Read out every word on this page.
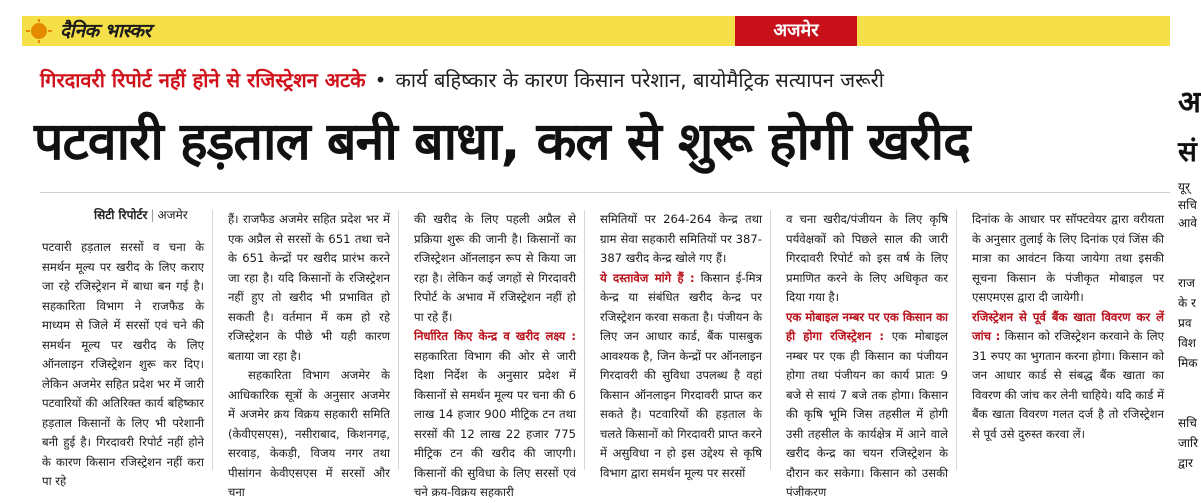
दैनिक भास्कर	अजमेर
गिरदावरी रिपोर्ट नहीं होने से रजिस्ट्रेशन अटके • कार्य बहिष्कार के कारण किसान परेशान, बायोमैट्रिक सत्यापन जरूरी
पटवारी हड़ताल बनी बाधा, कल से शुरू होगी खरीद
सिटी रिपोर्टर | अजमेर

पटवारी हड़ताल सरसों व चना के समर्थन मूल्य पर खरीद के लिए कराए जा रहे रजिस्ट्रेशन में बाधा बन गई है। सहकारिता विभाग ने राजफैड के माध्यम से जिले में सरसों एवं चने की समर्थन मूल्य पर खरीद के लिए ऑनलाइन रजिस्ट्रेशन शुरू कर दिए। लेकिन अजमेर सहित प्रदेश भर में जारी पटवारियों की अतिरिक्त कार्य बहिष्कार हड़ताल किसानों के लिए भी परेशानी बनी हुई है। गिरदावरी रिपोर्ट नहीं होने के कारण किसान रजिस्ट्रेशन नहीं करा पा रहे

हैं। राजफैड अजमेर सहित प्रदेश भर में एक अप्रैल से सरसों के 651 तथा चने के 651 केन्द्रों पर खरीद प्रारंभ करने जा रहा है। यदि किसानों के रजिस्ट्रेशन नहीं हुए तो खरीद भी प्रभावित हो सकती है। वर्तमान में कम हो रहे रजिस्ट्रेशन के पीछे भी यही कारण बताया जा रहा है।

सहकारिता विभाग अजमेर के आधिकारिक सूत्रों के अनुसार अजमेर में अजमेर क्रय विक्रय सहकारी समिति (केवीएसएस), नसीराबाद, किशनगढ़, सरवाड़, केकड़ी, विजय नगर तथा पीसांगन केवीएसएस में सरसों और चना

की खरीद के लिए पहली अप्रैल से प्रक्रिया शुरू की जानी है। किसानों का रजिस्ट्रेशन ऑनलाइन रूप से किया जा रहा है। लेकिन कई जगहों से गिरदावरी रिपोर्ट के अभाव में रजिस्ट्रेशन नहीं हो पा रहे हैं।

निर्धारित किए केन्द्र व खरीद लक्ष्य : सहकारिता विभाग की ओर से जारी दिशा निर्देश के अनुसार प्रदेश में किसानों से समर्थन मूल्य पर चना की 6 लाख 14 हजार 900 मीट्रिक टन तथा सरसों की 12 लाख 22 हजार 775 मीट्रिक टन की खरीद की जाएगी। किसानों की सुविधा के लिए सरसों एवं चने क्रय-विक्रय सहकारी

समितियों पर 264-264 केन्द्र तथा ग्राम सेवा सहकारी समितियों पर 387-387 खरीद केन्द्र खोले गए हैं।

ये दस्तावेज मांगे हैं : किसान ई-मित्र केन्द्र या संबंधित खरीद केन्द्र पर रजिस्ट्रेशन करवा सकता है। पंजीयन के लिए जन आधार कार्ड, बैंक पासबुक आवश्यक है, जिन केन्द्रों पर ऑनलाइन गिरदावरी की सुविधा उपलब्ध है वहां किसान ऑनलाइन गिरदावरी प्राप्त कर सकते है। पटवारियों की हड़ताल के चलते किसानों को गिरदावरी प्राप्त करने में असुविधा न हो इस उद्देश्य से कृषि विभाग द्वारा समर्थन मूल्य पर सरसों

व चना खरीद/पंजीयन के लिए कृषि पर्यवेक्षकों को पिछले साल की जारी गिरदावरी रिपोर्ट को इस वर्ष के लिए प्रमाणित करने के लिए अधिकृत कर दिया गया है।

एक मोबाइल नम्बर पर एक किसान का ही होगा रजिस्ट्रेशन : एक मोबाइल नम्बर पर एक ही किसान का पंजीयन होगा तथा पंजीयन का कार्य प्रातः 9 बजे से सायं 7 बजे तक होगा। किसान की कृषि भूमि जिस तहसील में होगी उसी तहसील के कार्यक्षेत्र में आने वाले खरीद केन्द्र का चयन रजिस्ट्रेशन के दौरान कर सकेगा। किसान को उसकी पंजीकरण

दिनांक के आधार पर सॉफ्टवेयर द्वारा वरीयता के अनुसार तुलाई के लिए दिनांक एवं जिंस की मात्रा का आवंटन किया जायेगा तथा इसकी सूचना किसान के पंजीकृत मोबाइल पर एसएमएस द्वारा दी जायेगी।

रजिस्ट्रेशन से पूर्व बैंक खाता विवरण कर लें जांच : किसान को रजिस्ट्रेशन करवाने के लिए 31 रुपए का भुगतान करना होगा। किसान को जन आधार कार्ड से संबद्ध बैंक खाता का विवरण की जांच कर लेनी चाहिये। यदि कार्ड में बैंक खाता विवरण गलत दर्ज है तो रजिस्ट्रेशन से पूर्व उसे दुरुस्त करवा लें।

अ
सं
यूर्
सचि
आवे
राज
के र
प्रव
विश
मिक
सचि
जारि
द्वार
